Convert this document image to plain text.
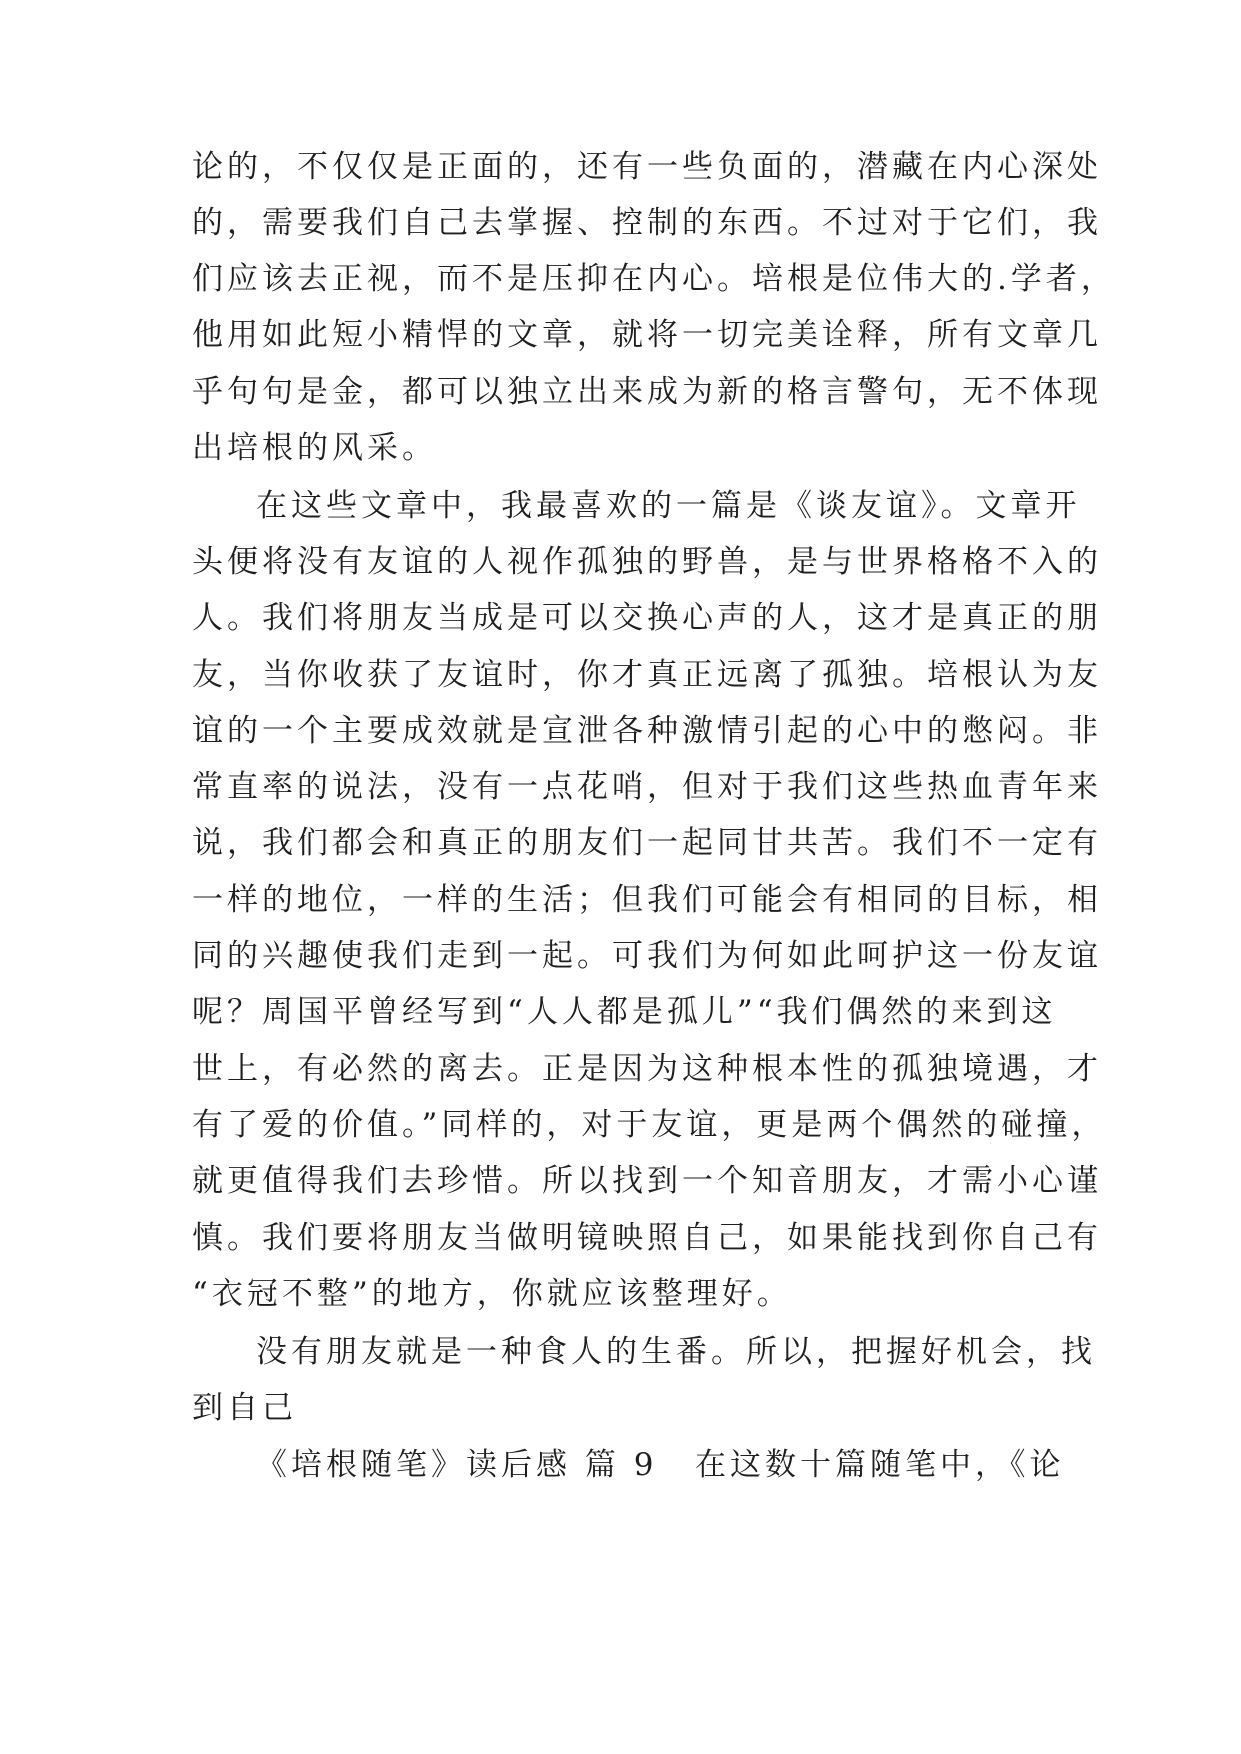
论的，不仅仅是正面的，还有一些负面的，潜藏在内心深处

的，需要我们自己去掌握、控制的东西。不过对于它们，我

们应该去正视，而不是压抑在内心。培根是位伟大的.学者，

他用如此短小精悍的文章，就将一切完美诠释，所有文章几

乎句句是金，都可以独立出来成为新的格言警句，无不体现

出培根的风采。

在这些文章中，我最喜欢的一篇是《谈友谊》。文章开

头便将没有友谊的人视作孤独的野兽，是与世界格格不入的

人。我们将朋友当成是可以交换心声的人，这才是真正的朋

友，当你收获了友谊时，你才真正远离了孤独。培根认为友

谊的一个主要成效就是宣泄各种激情引起的心中的憋闷。非

常直率的说法，没有一点花哨，但对于我们这些热血青年来

说，我们都会和真正的朋友们一起同甘共苦。我们不一定有

一样的地位，一样的生活；但我们可能会有相同的目标，相

同的兴趣使我们走到一起。可我们为何如此呵护这一份友谊

呢？周国平曾经写到“人人都是孤儿”“我们偶然的来到这

世上，有必然的离去。正是因为这种根本性的孤独境遇，才

有了爱的价值。”同样的，对于友谊，更是两个偶然的碰撞，

就更值得我们去珍惜。所以找到一个知音朋友，才需小心谨

慎。我们要将朋友当做明镜映照自己，如果能找到你自己有

“衣冠不整”的地方，你就应该整理好。

没有朋友就是一种食人的生番。所以，把握好机会，找

到自己

《培根随笔》读后感 篇 9 在这数十篇随笔中，《论
